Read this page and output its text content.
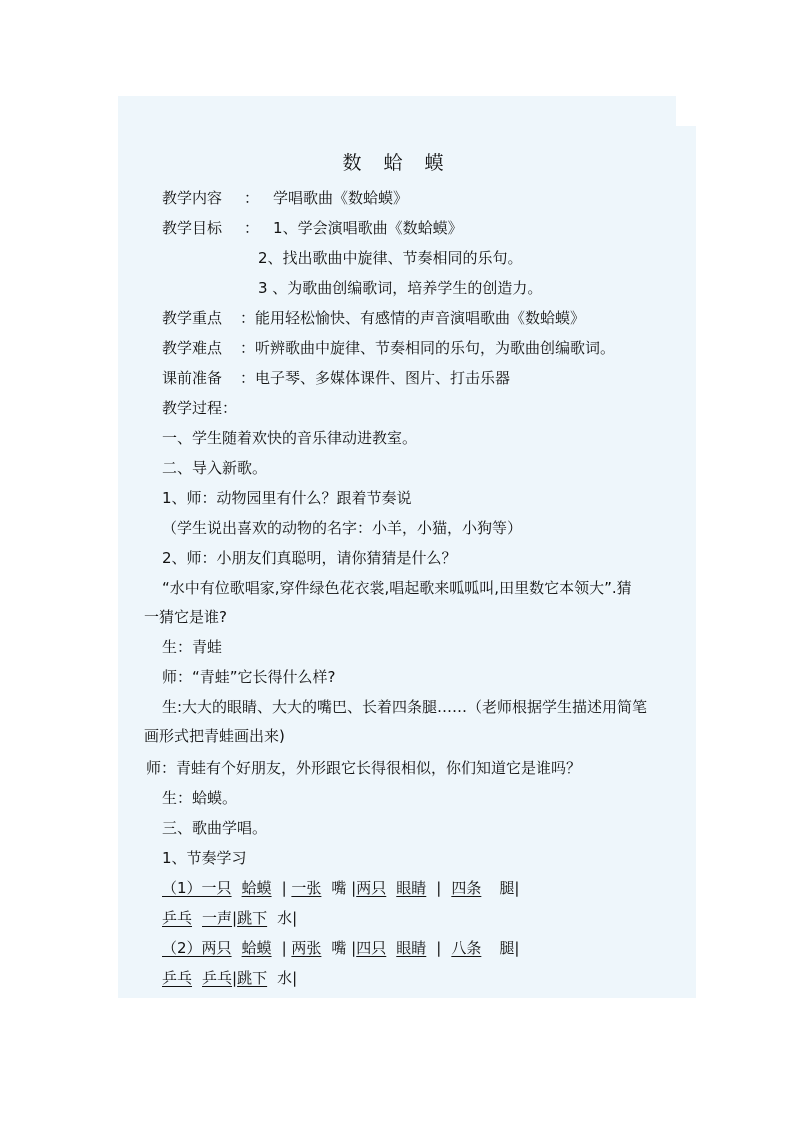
数 蛤 蟆
教学内容 ： 学唱歌曲《数蛤蟆》
教学目标 ： 1、学会演唱歌曲《数蛤蟆》
2、找出歌曲中旋律、节奏相同的乐句。
3 、为歌曲创编歌词，培养学生的创造力。
教学重点 ：能用轻松愉快、有感情的声音演唱歌曲《数蛤蟆》
教学难点 ：听辨歌曲中旋律、节奏相同的乐句，为歌曲创编歌词。
课前准备 ：电子琴、多媒体课件、图片、打击乐器
教学过程：
一、学生随着欢快的音乐律动进教室。
二、导入新歌。
1、师：动物园里有什么？跟着节奏说
（学生说出喜欢的动物的名字：小羊，小猫，小狗等）
2、师：小朋友们真聪明，请你猜猜是什么？
“水中有位歌唱家,穿件绿色花衣裳,唱起歌来呱呱叫,田里数它本领大”.猜
一猜它是谁?
生：青蛙
师：“青蛙”它长得什么样?
生:大大的眼睛、大大的嘴巴、长着四条腿……（老师根据学生描述用简笔
画形式把青蛙画出来)
师：青蛙有个好朋友，外形跟它长得很相似，你们知道它是谁吗？
生：蛤蟆。
三、歌曲学唱。
1、节奏学习
（1）一只 蛤蟆 | 一张 嘴 |两只 眼睛 | 四条 腿|
乒乓 一声|跳下 水|
（2）两只 蛤蟆 | 两张 嘴 |四只 眼睛 | 八条 腿|
乒乓 乒乓|跳下 水|
